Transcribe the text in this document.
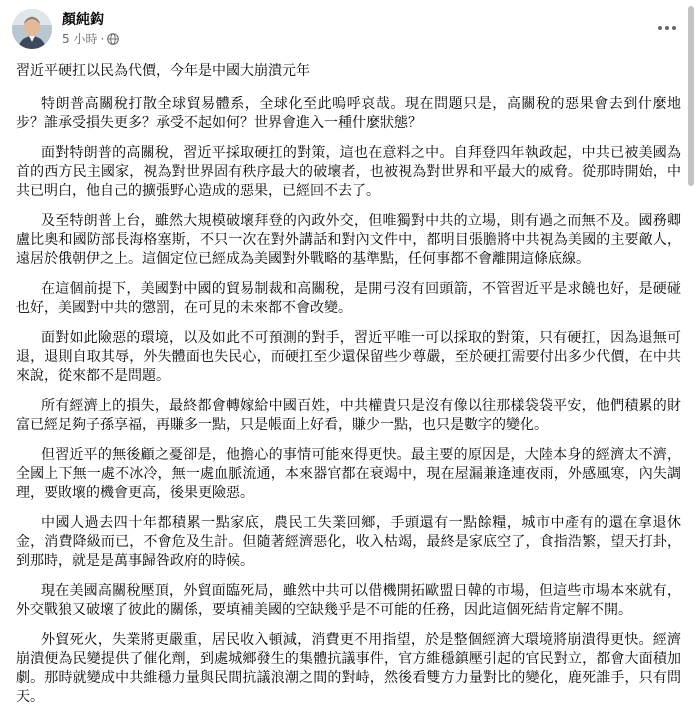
顏純鈎
5 小時 ·

習近平硬扛以民為代價，今年是中國大崩潰元年

特朗普高關稅打散全球貿易體系，全球化至此嗚呼哀哉。現在問題只是，高關稅的惡果會去到什麼地步？誰承受損失更多？承受不起如何？世界會進入一種什麼狀態？

面對特朗普的高關稅，習近平採取硬扛的對策，這也在意料之中。自拜登四年執政起，中共已被美國為首的西方民主國家，視為對世界固有秩序最大的破壞者，也被視為對世界和平最大的威脅。從那時開始，中共已明白，他自己的擴張野心造成的惡果，已經回不去了。

及至特朗普上台，雖然大規模破壞拜登的內政外交，但唯獨對中共的立場，則有過之而無不及。國務卿盧比奧和國防部長海格塞斯，不只一次在對外講話和對內文件中，都明目張膽將中共視為美國的主要敵人，遠居於俄朝伊之上。這個定位已經成為美國對外戰略的基準點，任何事都不會離開這條底線。

在這個前提下，美國對中國的貿易制裁和高關稅，是開弓沒有回頭箭，不管習近平是求饒也好，是硬碰也好，美國對中共的懲罰，在可見的未來都不會改變。

面對如此險惡的環境，以及如此不可預測的對手，習近平唯一可以採取的對策，只有硬扛，因為退無可退，退則自取其辱，外失體面也失民心，而硬扛至少還保留些少尊嚴，至於硬扛需要付出多少代價，在中共來說，從來都不是問題。

所有經濟上的損失，最終都會轉嫁給中國百姓，中共權貴只是沒有像以往那樣袋袋平安，他們積累的財富已經足夠子孫享福，再賺多一點，只是帳面上好看，賺少一點，也只是數字的變化。

但習近平的無後顧之憂卻是，他擔心的事情可能來得更快。最主要的原因是，大陸本身的經濟太不濟，全國上下無一處不冰冷，無一處血脈流通，本來器官都在衰竭中，現在屋漏兼逢連夜雨，外感風寒，內失調理，要敗壞的機會更高，後果更險惡。

中國人過去四十年都積累一點家底，農民工失業回鄉，手頭還有一點餘糧，城市中產有的還在拿退休金，消費降級而已，不會危及生計。但隨著經濟惡化，收入枯竭，最終是家底空了，食指浩繁，望天打卦，到那時，就是是萬事歸咎政府的時候。

現在美國高關稅壓頂，外貿面臨死局，雖然中共可以借機開拓歐盟日韓的市場，但這些市場本來就有，外交戰狼又破壞了彼此的關係，要填補美國的空缺幾乎是不可能的任務，因此這個死結肯定解不開。

外貿死火，失業將更嚴重，居民收入頓減，消費更不用指望，於是整個經濟大環境將崩潰得更快。經濟崩潰便為民變提供了催化劑，到處城鄉發生的集體抗議事件，官方維穩鎮壓引起的官民對立，都會大面積加劇。那時就變成中共維穩力量與民間抗議浪潮之間的對峙，然後看雙方力量對比的變化，鹿死誰手，只有問天。
